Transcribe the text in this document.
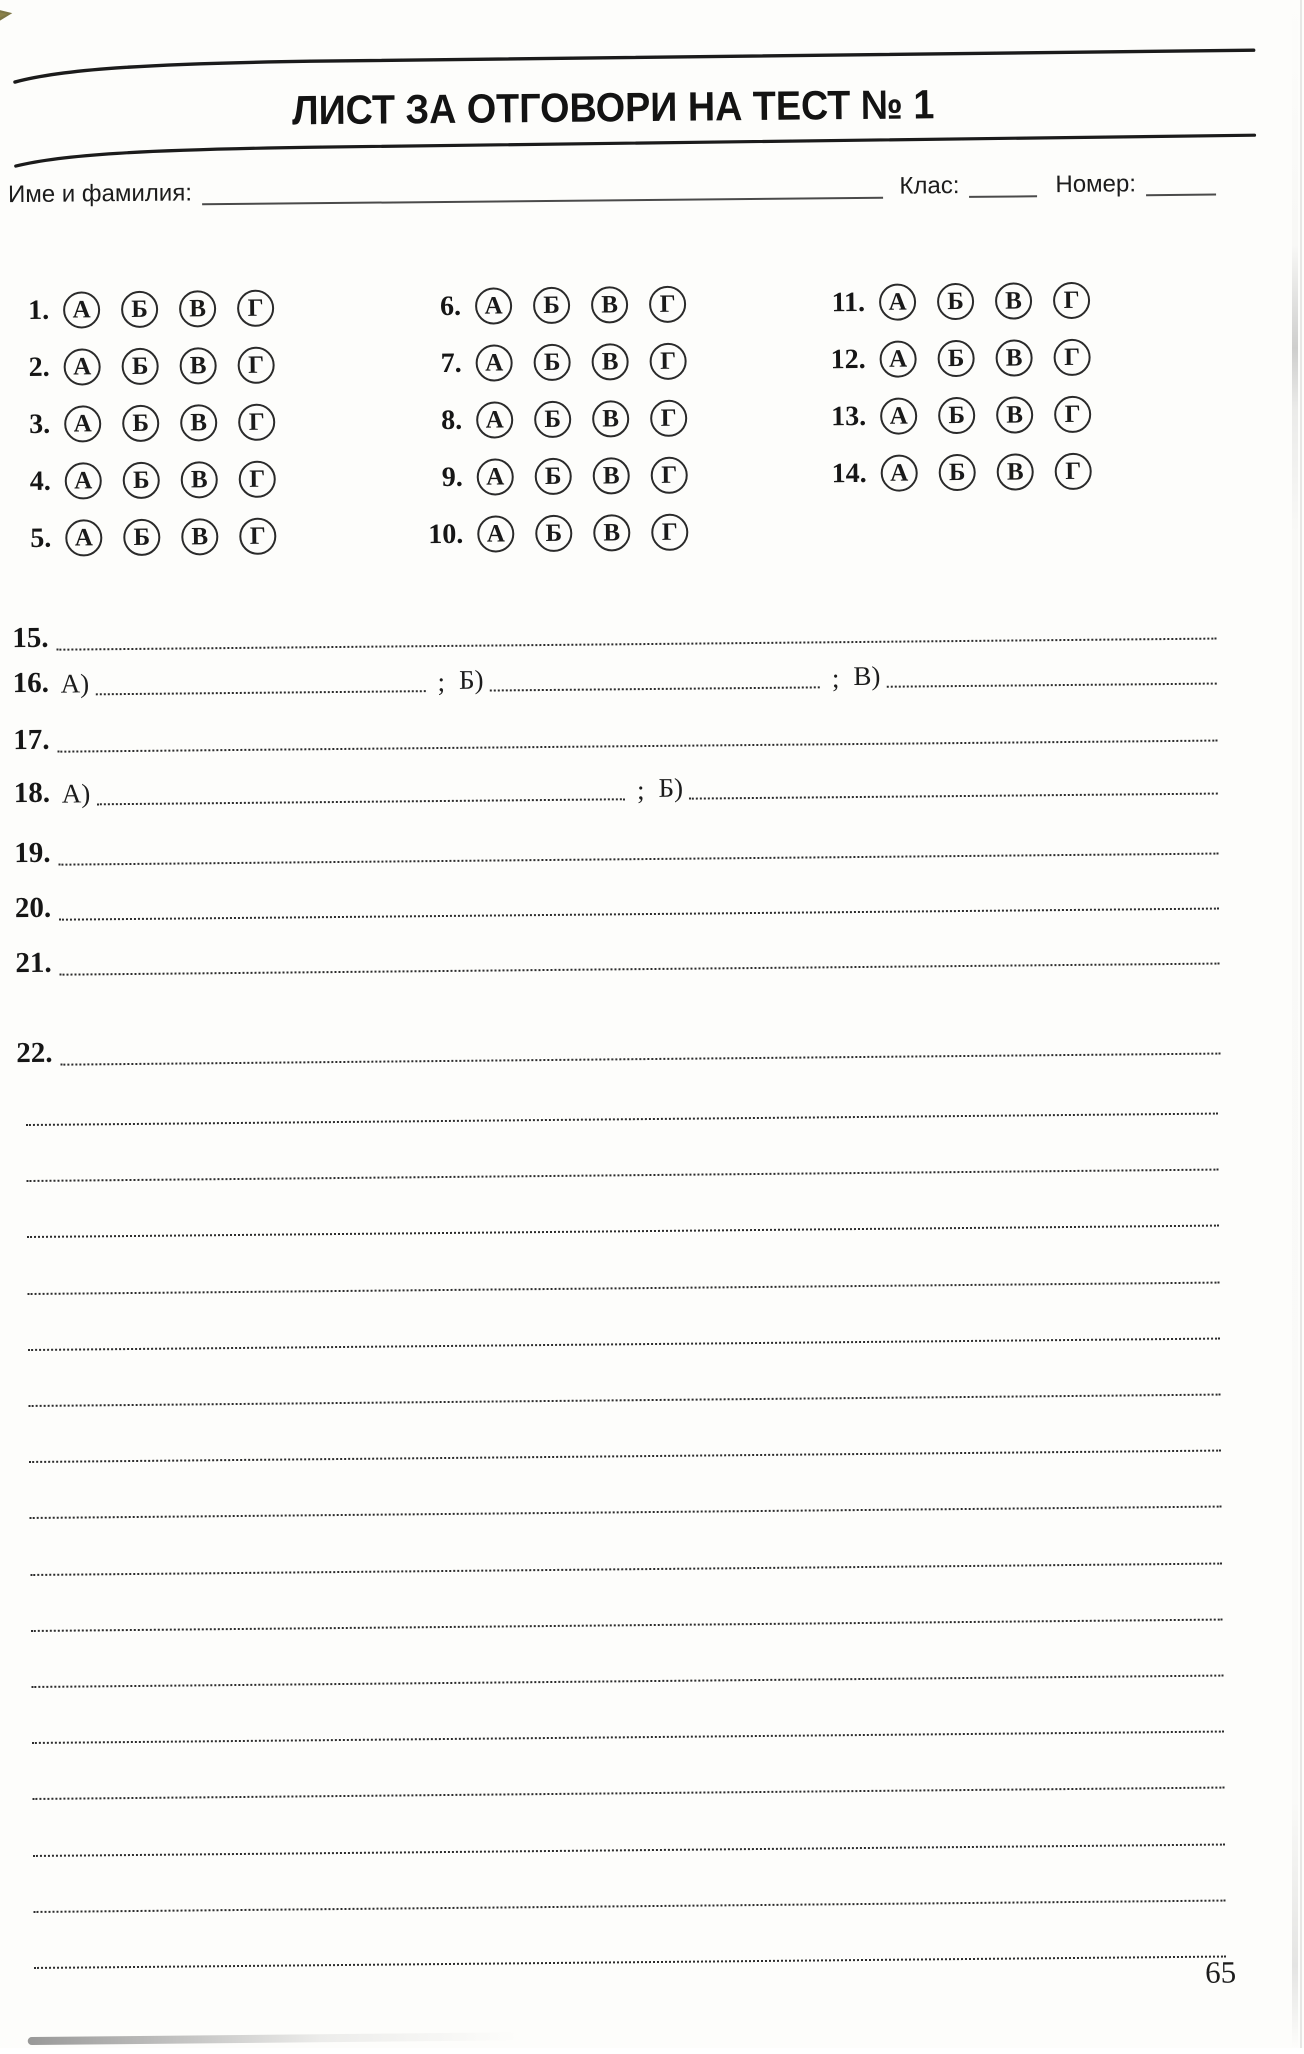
ЛИСТ ЗА ОТГОВОРИ НА ТЕСТ № 1
Име и фамилия:	Клас:	Номер:
1. А	Б	В	Г
2. А	Б	В	Г
3. А	Б	В	Г
4. А	Б	В	Г
5. А	Б	В	Г
6. А	Б	В	Г
7. А	Б	В	Г
8. А	Б	В	Г
9. А	Б	В	Г
10. А	Б	В	Г
11. А	Б	В	Г
12. А	Б	В	Г
13. А	Б	В	Г
14. А	Б	В	Г
15.
16. А)	; Б)	; В)
17.
18. А)	; Б)
19.
20.
21.
22.
65
